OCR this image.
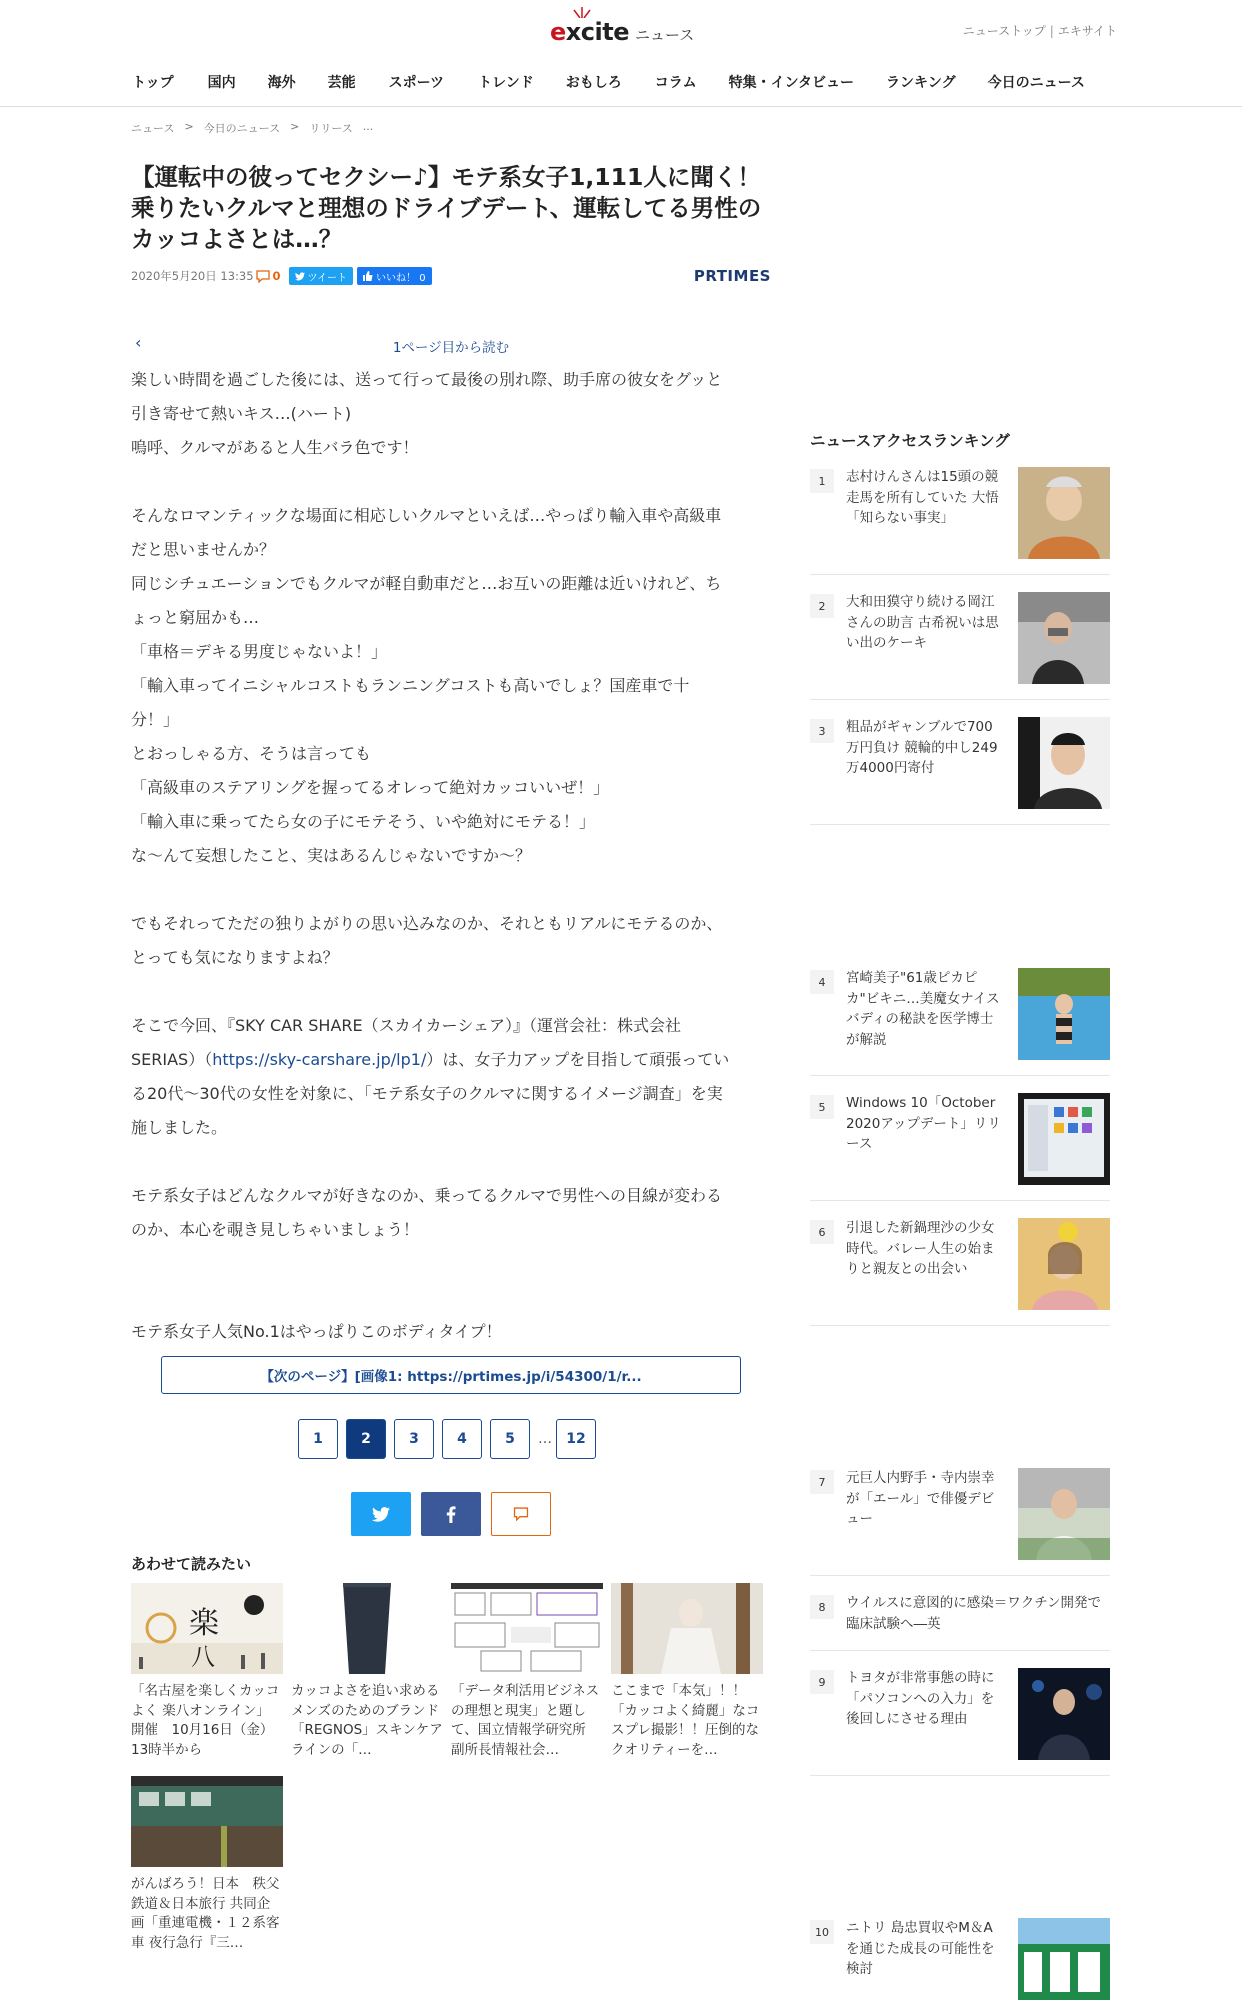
excite ニュース	ニューストップ | エキサイト
トップ 国内 海外 芸能 スポーツ トレンド おもしろ コラム 特集・インタビュー ランキング 今日のニュース
ニュース > 今日のニュース > リリース ...
【運転中の彼ってセクシー♪】モテ系女子1,111人に聞く！乗りたいクルマと理想のドライブデート、運転してる男性のカッコよさとは…？
2020年5月20日 13:35 0	ツイート	いいね！ 0	PRTIMES
‹	1ページ目から読む

楽しい時間を過ごした後には、送って行って最後の別れ際、助手席の彼女をグッと

引き寄せて熱いキス…(ハート)

嗚呼、クルマがあると人生バラ色です！

そんなロマンティックな場面に相応しいクルマといえば…やっぱり輸入車や高級車

だと思いませんか？

同じシチュエーションでもクルマが軽自動車だと…お互いの距離は近いけれど、ち

ょっと窮屈かも…

「車格＝デキる男度じゃないよ！」

「輸入車ってイニシャルコストもランニングコストも高いでしょ？国産車で十

分！」

とおっしゃる方、そうは言っても

「高級車のステアリングを握ってるオレって絶対カッコいいぜ！」

「輸入車に乗ってたら女の子にモテそう、いや絶対にモテる！」

な～んて妄想したこと、実はあるんじゃないですか～？

でもそれってただの独りよがりの思い込みなのか、それともリアルにモテるのか、

とっても気になりますよね？

そこで今回、『SKY CAR SHARE（スカイカーシェア）』（運営会社：株式会社

SERIAS）（https://sky-carshare.jp/lp1/）は、女子力アップを目指して頑張ってい

る20代～30代の女性を対象に、「モテ系女子のクルマに関するイメージ調査」を実

施しました。

モテ系女子はどんなクルマが好きなのか、乗ってるクルマで男性への目線が変わる

のか、本心を覗き見しちゃいましょう！

モテ系女子人気No.1はやっぱりこのボディタイプ！

【次のページ】[画像1: https://prtimes.jp/i/54300/1/r...
1	2	3	4	5	…	12
あわせて読みたい
楽
八
「名古屋を楽しくカッコよく 楽八オンライン」開催　10月16日（金）13時半から
カッコよさを追い求めるメンズのためのブランド「REGNOS」スキンケアラインの「…
「データ利活用ビジネスの理想と現実」と題して、国立情報学研究所　副所長情報社会…
ここまで「本気」！！「カッコよく綺麗」なコスプレ撮影！！圧倒的なクオリティーを…
がんばろう！日本　秩父鉄道＆日本旅行 共同企画「重連電機・１２系客車 夜行急行『三…
ニュースアクセスランキング
1	志村けんさんは15頭の競走馬を所有していた 大悟「知らない事実」
2	大和田獏守り続ける岡江さんの助言 古希祝いは思い出のケーキ
3	粗品がギャンブルで700万円負け 競輪的中し249万4000円寄付
4	宮崎美子"61歳ピカピカ"ビキニ…美魔女ナイスバディの秘訣を医学博士が解説
5	Windows 10「October 2020アップデート」リリース
6	引退した新鍋理沙の少女時代。バレー人生の始まりと親友との出会い
7	元巨人内野手・寺内崇幸が「エール」で俳優デビュー
8	ウイルスに意図的に感染＝ワクチン開発で臨床試験へ―英
9	トヨタが非常事態の時に「パソコンへの入力」を後回しにさせる理由
10	ニトリ 島忠買収やM＆Aを通じた成長の可能性を検討
